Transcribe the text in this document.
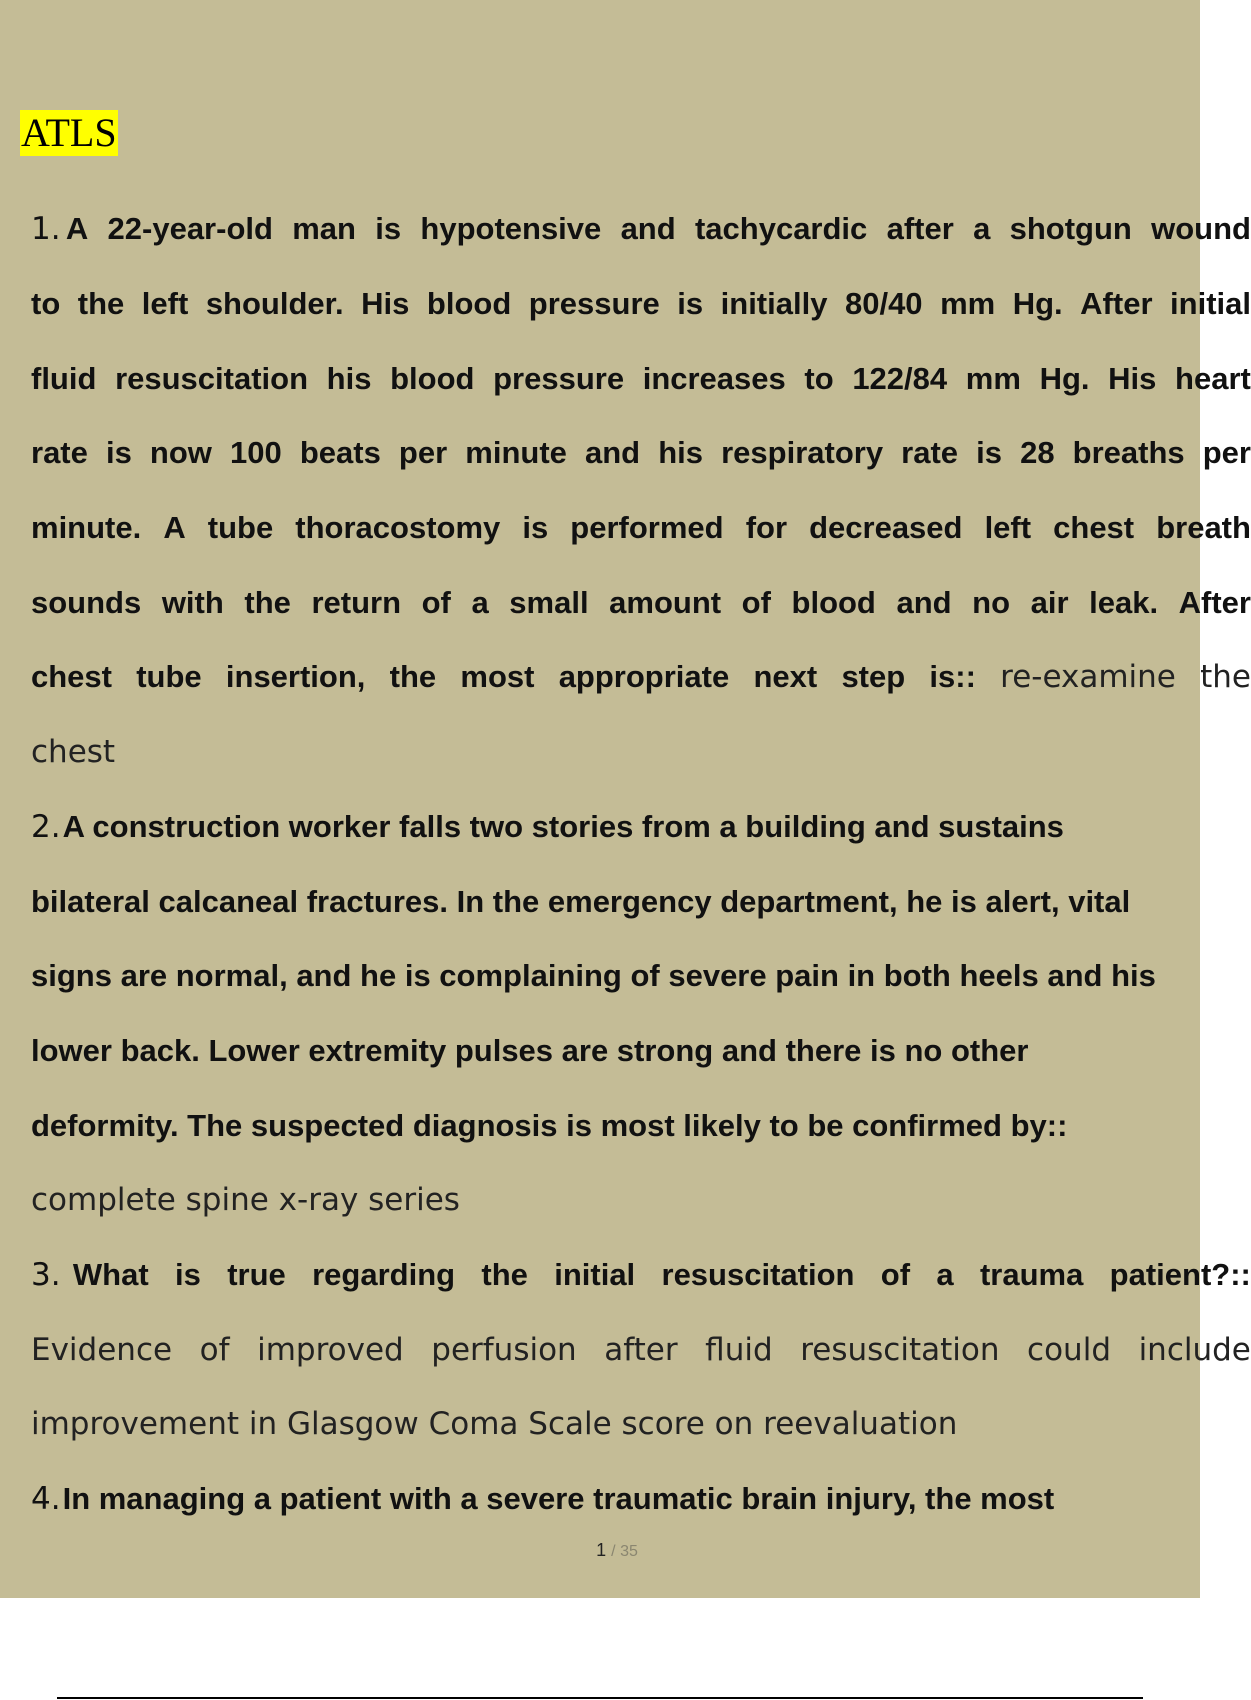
ATLS
1. A 22-year-old man is hypotensive and tachycardic after a shotgun wound
to the left shoulder. His blood pressure is initially 80/40 mm Hg. After initial
fluid resuscitation his blood pressure increases to 122/84 mm Hg. His heart
rate is now 100 beats per minute and his respiratory rate is 28 breaths per
minute. A tube thoracostomy is performed for decreased left chest breath
sounds with the return of a small amount of blood and no air leak. After
chest tube insertion, the most appropriate next step is:: re-examine the
chest
2. A construction worker falls two stories from a building and sustains
bilateral calcaneal fractures. In the emergency department, he is alert, vital
signs are normal, and he is complaining of severe pain in both heels and his
lower back. Lower extremity pulses are strong and there is no other
deformity. The suspected diagnosis is most likely to be confirmed by::
complete spine x-ray series
3. What is true regarding the initial resuscitation of a trauma patient?::
Evidence of improved perfusion after fluid resuscitation could include
improvement in Glasgow Coma Scale score on reevaluation
4. In managing a patient with a severe traumatic brain injury, the most
1 / 35
